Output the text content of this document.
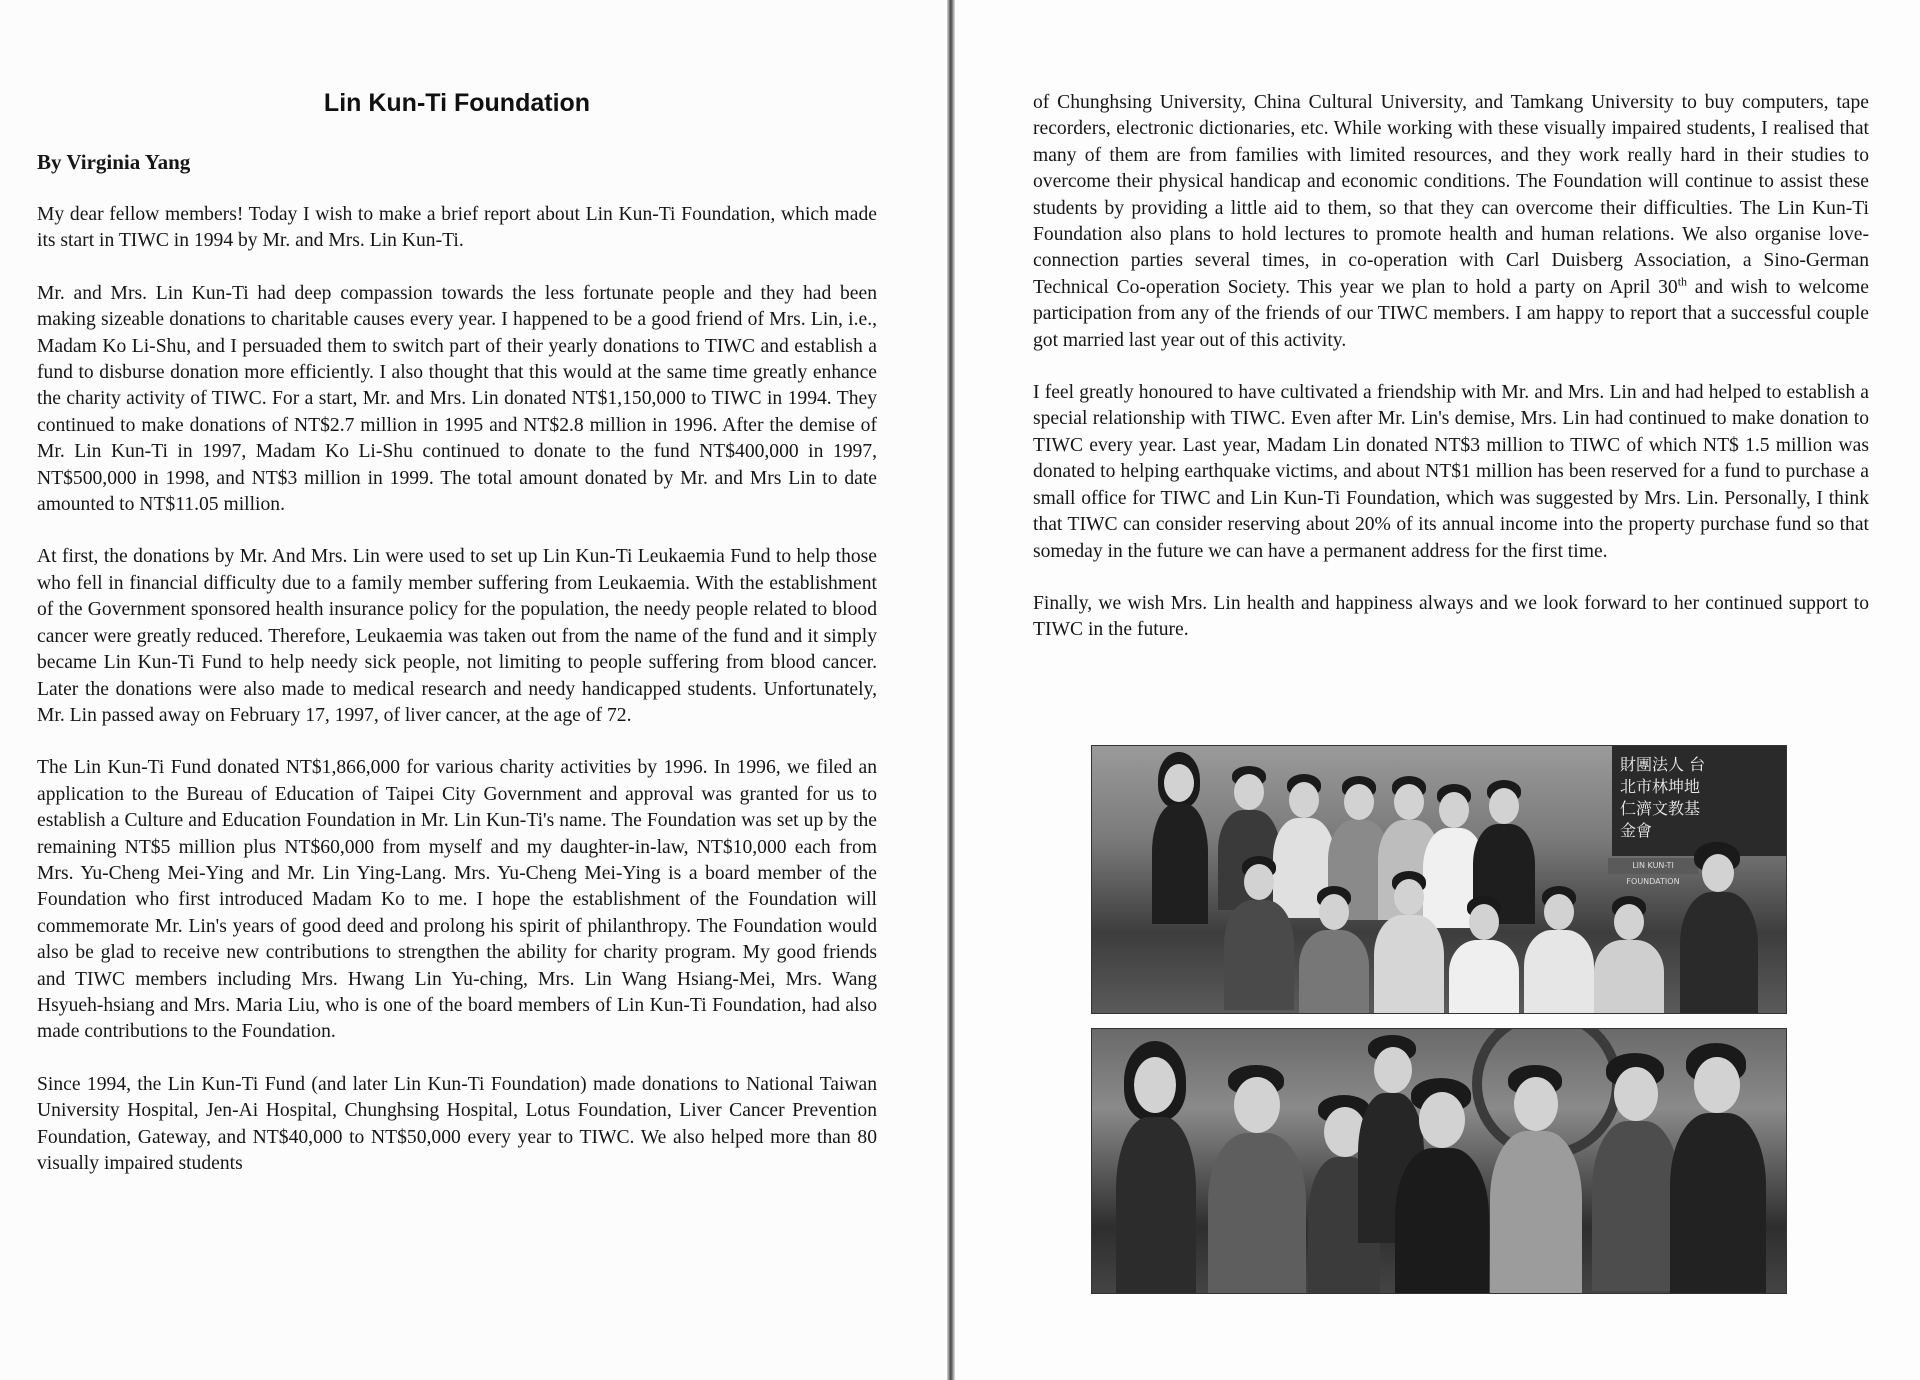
Lin Kun-Ti Foundation
By Virginia Yang

My dear fellow members! Today I wish to make a brief report about Lin Kun-Ti Foundation, which made its start in TIWC in 1994 by Mr. and Mrs. Lin Kun-Ti.

Mr. and Mrs. Lin Kun-Ti had deep compassion towards the less fortunate people and they had been making sizeable donations to charitable causes every year. I happened to be a good friend of Mrs. Lin, i.e., Madam Ko Li-Shu, and I persuaded them to switch part of their yearly donations to TIWC and establish a fund to disburse donation more efficiently. I also thought that this would at the same time greatly enhance the charity activity of TIWC. For a start, Mr. and Mrs. Lin donated NT$1,150,000 to TIWC in 1994. They continued to make donations of NT$2.7 million in 1995 and NT$2.8 million in 1996. After the demise of Mr. Lin Kun-Ti in 1997, Madam Ko Li-Shu continued to donate to the fund NT$400,000 in 1997, NT$500,000 in 1998, and NT$3 million in 1999. The total amount donated by Mr. and Mrs Lin to date amounted to NT$11.05 million.

At first, the donations by Mr. And Mrs. Lin were used to set up Lin Kun-Ti Leukaemia Fund to help those who fell in financial difficulty due to a family member suffering from Leukaemia. With the establishment of the Government sponsored health insurance policy for the population, the needy people related to blood cancer were greatly reduced. Therefore, Leukaemia was taken out from the name of the fund and it simply became Lin Kun-Ti Fund to help needy sick people, not limiting to people suffering from blood cancer. Later the donations were also made to medical research and needy handicapped students. Unfortunately, Mr. Lin passed away on February 17, 1997, of liver cancer, at the age of 72.

The Lin Kun-Ti Fund donated NT$1,866,000 for various charity activities by 1996. In 1996, we filed an application to the Bureau of Education of Taipei City Government and approval was granted for us to establish a Culture and Education Foundation in Mr. Lin Kun-Ti's name. The Foundation was set up by the remaining NT$5 million plus NT$60,000 from myself and my daughter-in-law, NT$10,000 each from Mrs. Yu-Cheng Mei-Ying and Mr. Lin Ying-Lang. Mrs. Yu-Cheng Mei-Ying is a board member of the Foundation who first introduced Madam Ko to me. I hope the establishment of the Foundation will commemorate Mr. Lin's years of good deed and prolong his spirit of philanthropy. The Foundation would also be glad to receive new contributions to strengthen the ability for charity program. My good friends and TIWC members including Mrs. Hwang Lin Yu-ching, Mrs. Lin Wang Hsiang-Mei, Mrs. Wang Hsyueh-hsiang and Mrs. Maria Liu, who is one of the board members of Lin Kun-Ti Foundation, had also made contributions to the Foundation.

Since 1994, the Lin Kun-Ti Fund (and later Lin Kun-Ti Foundation) made donations to National Taiwan University Hospital, Jen-Ai Hospital, Chunghsing Hospital, Lotus Foundation, Liver Cancer Prevention Foundation, Gateway, and NT$40,000 to NT$50,000 every year to TIWC. We also helped more than 80 visually impaired students

of Chunghsing University, China Cultural University, and Tamkang University to buy computers, tape recorders, electronic dictionaries, etc. While working with these visually impaired students, I realised that many of them are from families with limited resources, and they work really hard in their studies to overcome their physical handicap and economic conditions. The Foundation will continue to assist these students by providing a little aid to them, so that they can overcome their difficulties. The Lin Kun-Ti Foundation also plans to hold lectures to promote health and human relations. We also organise love-connection parties several times, in co-operation with Carl Duisberg Association, a Sino-German Technical Co-operation Society. This year we plan to hold a party on April 30th and wish to welcome participation from any of the friends of our TIWC members. I am happy to report that a successful couple got married last year out of this activity.

I feel greatly honoured to have cultivated a friendship with Mr. and Mrs. Lin and had helped to establish a special relationship with TIWC. Even after Mr. Lin's demise, Mrs. Lin had continued to make donation to TIWC every year. Last year, Madam Lin donated NT$3 million to TIWC of which NT$ 1.5 million was donated to helping earthquake victims, and about NT$1 million has been reserved for a fund to purchase a small office for TIWC and Lin Kun-Ti Foundation, which was suggested by Mrs. Lin. Personally, I think that TIWC can consider reserving about 20% of its annual income into the property purchase fund so that someday in the future we can have a permanent address for the first time.

Finally, we wish Mrs. Lin health and happiness always and we look forward to her continued support to TIWC in the future.

財團法人 台北市林坤地 仁濟文教基金會
LIN KUN-TI FOUNDATION
